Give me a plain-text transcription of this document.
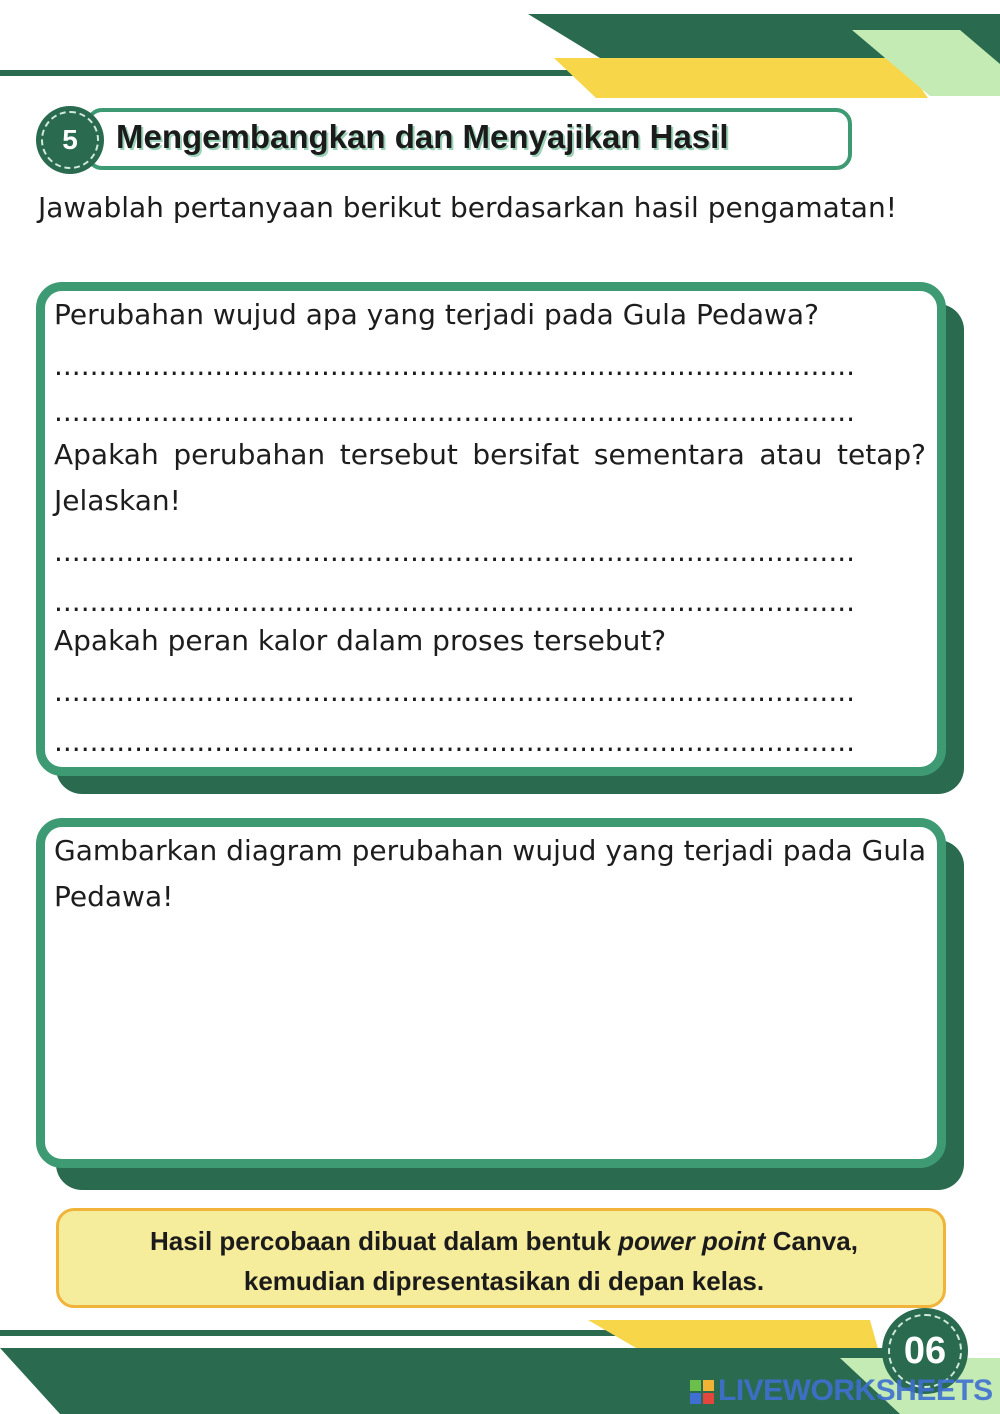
Mengembangkan dan Menyajikan Hasil
5
Jawablah pertanyaan berikut berdasarkan hasil pengamatan!
Perubahan wujud apa yang terjadi pada Gula Pedawa?
..........................................................................................
..........................................................................................
Apakah perubahan tersebut bersifat sementara atau tetap? Jelaskan!
..........................................................................................
..........................................................................................
Apakah peran kalor dalam proses tersebut?
..........................................................................................
..........................................................................................
Gambarkan diagram perubahan wujud yang terjadi pada Gula Pedawa!
Hasil percobaan dibuat dalam bentuk power point Canva,
kemudian dipresentasikan di depan kelas.
06
LIVEWORKSHEETS
